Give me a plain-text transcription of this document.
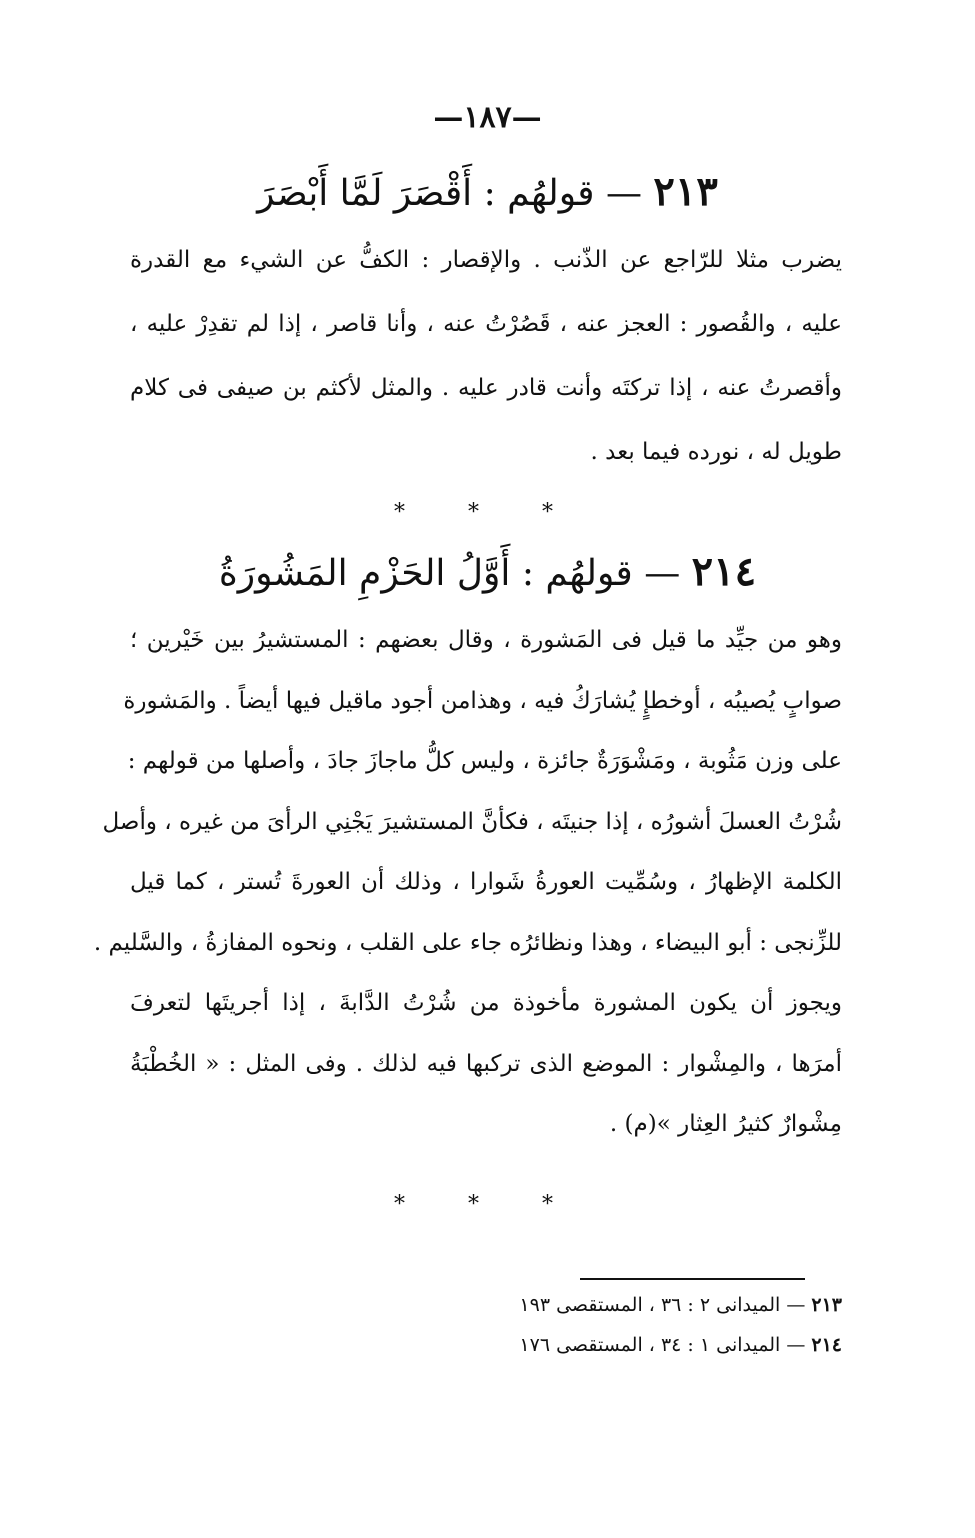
—١٨٧—
٢١٣ — قولهُم : أَقْصَرَ لَمَّا أَبْصَرَ
يضرب مثلا للرّاجع عن الذّنب . والإقصار : الكفُّ عن الشيء مع القدرة
عليه ، والقُصور : العجز عنه ، قَصُرْتُ عنه ، وأنا قاصر ، إذا لم تقدِرْ عليه ،
وأقصرتُ عنه ، إذا تركتَه وأنت قادر عليه . والمثل لأكثم بن صيفى فى كلام
طويل له ، نورده فيما بعد .
* * *
٢١٤ — قولهُم : أَوَّلُ الحَزْمِ المَشُورَةُ
وهو من جيِّد ما قيل فى المَشورة ، وقال بعضهم : المستشيرُ بين خَيْرين ؛
صوابٍ يُصيبُه ، أوخطإٍ يُشارَكُ فيه ، وهذامن أجود ماقيل فيها أيضاً . والمَشورة
على وزن مَثُوبة ، ومَشْوَرَةٌ جائزة ، وليس كلُّ ماجازَ جادَ ، وأصلها من قولهم :
شُرْتُ العسلَ أشورُه ، إذا جنيتَه ، فكأنَّ المستشيرَ يَجْنِي الرأىَ من غيره ، وأصل
الكلمة الإظهارُ ، وسُمِّيت العورةُ شَوارا ، وذلك أن العورةَ تُستر ، كما قيل
للزِّنجى : أبو البيضاء ، وهذا ونظائرُه جاء على القلب ، ونحوه المفازةُ ، والسَّليم .
ويجوز أن يكون المشورة مأخوذة من شُرْتُ الدَّابةَ ، إذا أجريتَها لتعرفَ
أمرَها ، والمِشْوار : الموضع الذى تركبها فيه لذلك . وفى المثل : « الخُطْبَةُ
مِشْوارٌ كثيرُ العِثار »(م) .
* * *
٢١٣ — الميدانى ٢ : ٣٦ ، المستقصى ١٩٣
٢١٤ — الميدانى ١ : ٣٤ ، المستقصى ١٧٦
